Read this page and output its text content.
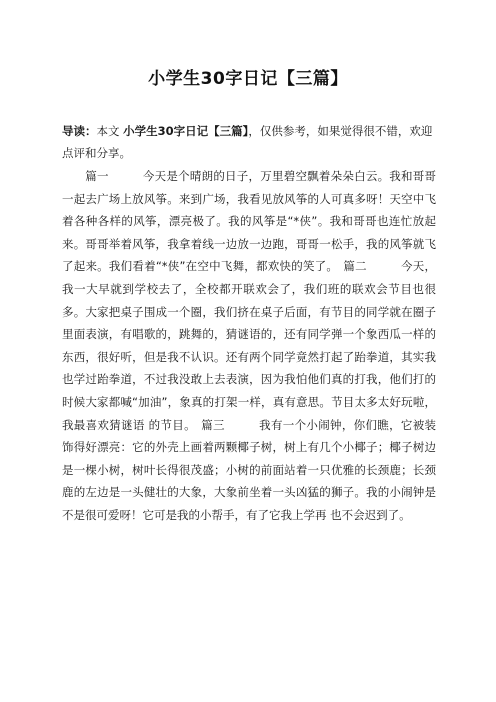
小学生30字日记【三篇】
导读：本文 小学生30字日记【三篇】，仅供参考，如果觉得很不错，欢迎点评和分享。
篇一	今天是个晴朗的日子，万里碧空飘着朵朵白云。我和哥哥一起去广场上放风筝。来到广场，我看见放风筝的人可真多呀！天空中飞着各种各样的风筝，漂亮极了。我的风筝是“*侠”。我和哥哥也连忙放起来。哥哥举着风筝，我拿着线一边放一边跑，哥哥一松手，我的风筝就飞了起来。我们看着“*侠”在空中飞舞，都欢快的笑了。 篇二	今天，我一大早就到学校去了，全校都开联欢会了，我们班的联欢会节目也很多。大家把桌子围成一个圈，我们挤在桌子后面，有节目的同学就在圈子里面表演，有唱歌的，跳舞的，猜谜语的，还有同学弹一个象西瓜一样的东西，很好听，但是我不认识。还有两个同学竟然打起了跆拳道，其实我也学过跆拳道，不过我没敢上去表演，因为我怕他们真的打我，他们打的时候大家都喊“加油”，象真的打架一样，真有意思。节目太多太好玩啦，我最喜欢猜谜语 的节目。 篇三	我有一个小闹钟，你们瞧，它被装饰得好漂亮：它的外壳上画着两颗椰子树，树上有几个小椰子；椰子树边是一棵小树，树叶长得很茂盛；小树的前面站着一只优雅的长颈鹿；长颈鹿的左边是一头健壮的大象，大象前坐着一头凶猛的狮子。我的小闹钟是不是很可爱呀！它可是我的小帮手，有了它我上学再 也不会迟到了。
